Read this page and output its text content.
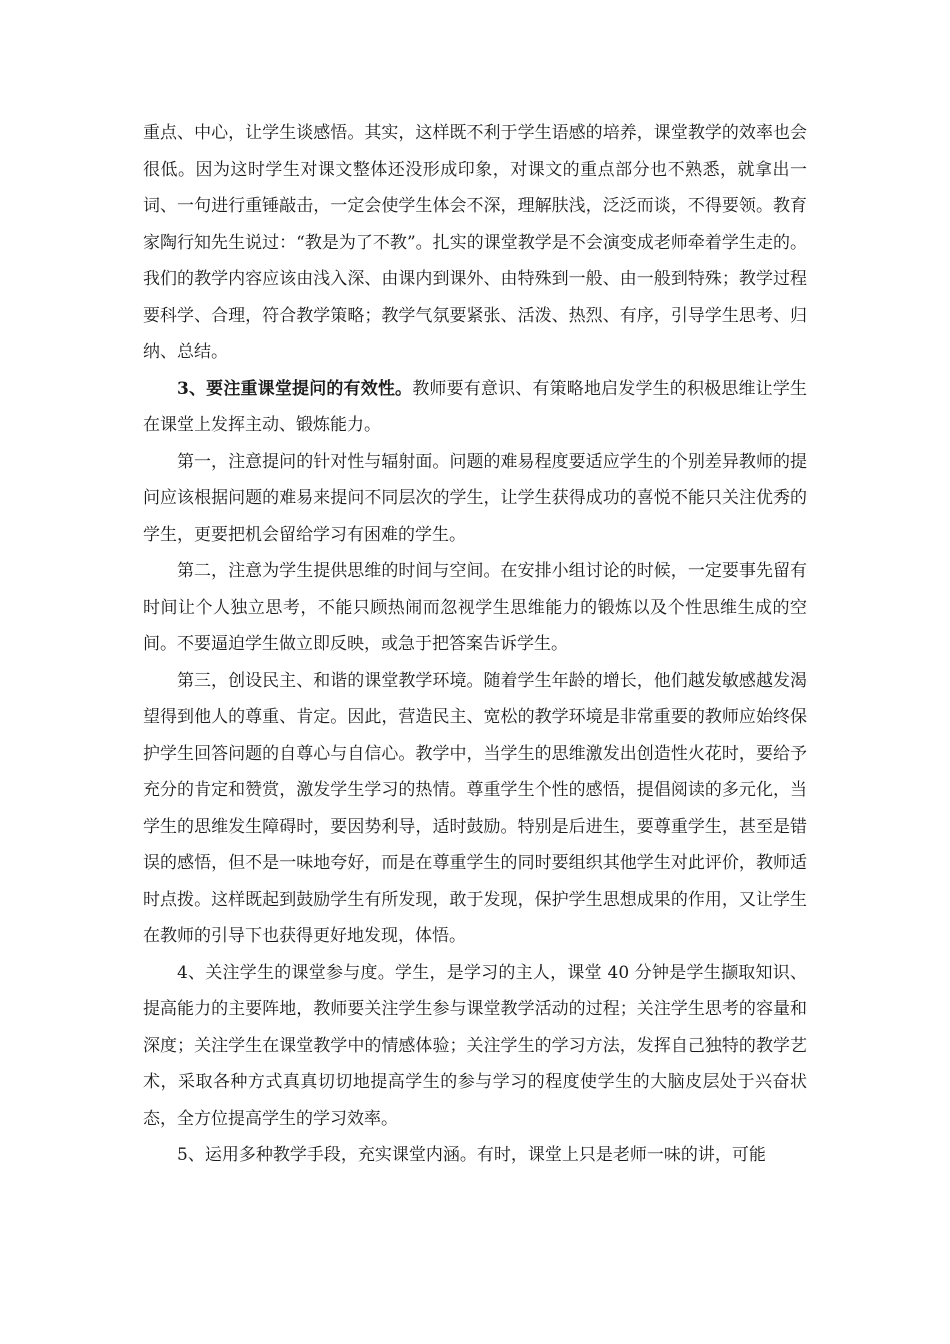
重点、中心，让学生谈感悟。其实，这样既不利于学生语感的培养，课堂教学的效率也会很低。因为这时学生对课文整体还没形成印象，对课文的重点部分也不熟悉，就拿出一词、一句进行重锤敲击，一定会使学生体会不深，理解肤浅，泛泛而谈，不得要领。教育家陶行知先生说过：“教是为了不教”。扎实的课堂教学是不会演变成老师牵着学生走的。我们的教学内容应该由浅入深、由课内到课外、由特殊到一般、由一般到特殊；教学过程要科学、合理，符合教学策略；教学气氛要紧张、活泼、热烈、有序，引导学生思考、归纳、总结。

3、要注重课堂提问的有效性。教师要有意识、有策略地启发学生的积极思维让学生在课堂上发挥主动、锻炼能力。

第一，注意提问的针对性与辐射面。问题的难易程度要适应学生的个别差异教师的提问应该根据问题的难易来提问不同层次的学生，让学生获得成功的喜悦不能只关注优秀的学生，更要把机会留给学习有困难的学生。

第二，注意为学生提供思维的时间与空间。在安排小组讨论的时候，一定要事先留有时间让个人独立思考，不能只顾热闹而忽视学生思维能力的锻炼以及个性思维生成的空间。不要逼迫学生做立即反映，或急于把答案告诉学生。

第三，创设民主、和谐的课堂教学环境。随着学生年龄的增长，他们越发敏感越发渴望得到他人的尊重、肯定。因此，营造民主、宽松的教学环境是非常重要的教师应始终保护学生回答问题的自尊心与自信心。教学中，当学生的思维激发出创造性火花时，要给予充分的肯定和赞赏，激发学生学习的热情。尊重学生个性的感悟，提倡阅读的多元化，当学生的思维发生障碍时，要因势利导，适时鼓励。特别是后进生，要尊重学生，甚至是错误的感悟，但不是一味地夸好，而是在尊重学生的同时要组织其他学生对此评价，教师适时点拨。这样既起到鼓励学生有所发现，敢于发现，保护学生思想成果的作用，又让学生在教师的引导下也获得更好地发现，体悟。

4、关注学生的课堂参与度。学生，是学习的主人，课堂 40 分钟是学生撷取知识、提高能力的主要阵地，教师要关注学生参与课堂教学活动的过程；关注学生思考的容量和深度；关注学生在课堂教学中的情感体验；关注学生的学习方法，发挥自己独特的教学艺术，采取各种方式真真切切地提高学生的参与学习的程度使学生的大脑皮层处于兴奋状态，全方位提高学生的学习效率。

5、运用多种教学手段，充实课堂内涵。有时，课堂上只是老师一味的讲，可能
